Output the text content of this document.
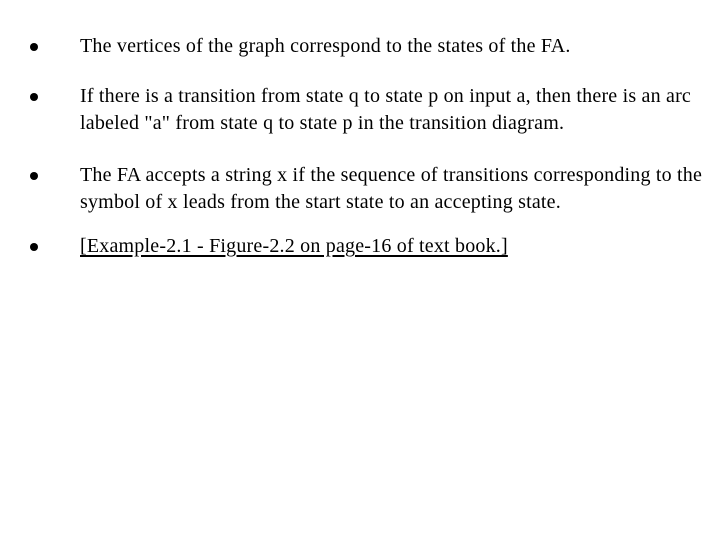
The vertices of the graph correspond to the states of the FA.
If there is a transition from state q to state p on input a, then there is an arc labeled "a" from state q to state p in the transition diagram.
The FA accepts a string x if the sequence of transitions corresponding to the symbol of x leads from the start state to an accepting state.
[Example-2.1 - Figure-2.2 on page-16 of text book.]
